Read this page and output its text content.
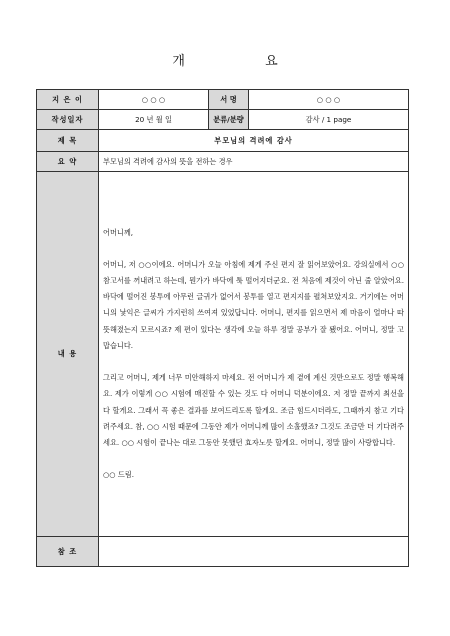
개 요
지 은 이	○ ○ ○	서 명	○ ○ ○
작성일자	20 년 월 일	분류/분량	감사 / 1 page
제 목	부모님의 격려에 감사		
요 약	부모님의 격려에 감사의 뜻을 전하는 경우		
내 용	어머니께,

어머니, 저 ○○이에요. 어머니가 오늘 아침에 제게 주신 편지 잘 읽어보았어요. 강의실에서 ○○ 참고서를 꺼내려고 하는데, 뭔가가 바닥에 툭 떨어지더군요. 전 처음에 제것이 아닌 줄 알았어요. 바닥에 떨어진 봉투에 아무런 글귀가 없어서 봉투를 열고 편지지를 펼쳐보았지요. 거기에는 어머니의 낯익은 글씨가 가지런히 쓰여져 있었답니다. 어머니, 편지를 읽으면서 제 마음이 얼마나 따뜻해졌는지 모르시죠? 제 편이 있다는 생각에 오늘 하루 정말 공부가 잘 됐어요. 어머니, 정말 고맙습니다.

그리고 어머니, 제게 너무 미안해하지 마세요. 전 어머니가 제 곁에 계신 것만으로도 정말 행복해요. 제가 이렇게 ○○ 시험에 매진할 수 있는 것도 다 어머니 덕분이에요. 저 정말 끝까지 최선을 다 할게요. 그래서 꼭 좋은 결과를 보여드리도록 할게요. 조금 힘드시더라도, 그때까지 참고 기다려주세요. 참, ○○ 시험 때문에 그동안 제가 어머니께 많이 소홀했죠? 그것도 조금만 더 기다려주세요. ○○ 시험이 끝나는 대로 그동안 못했던 효자노릇 할게요. 어머니, 정말 많이 사랑합니다.

○○ 드림.		

참 조			
